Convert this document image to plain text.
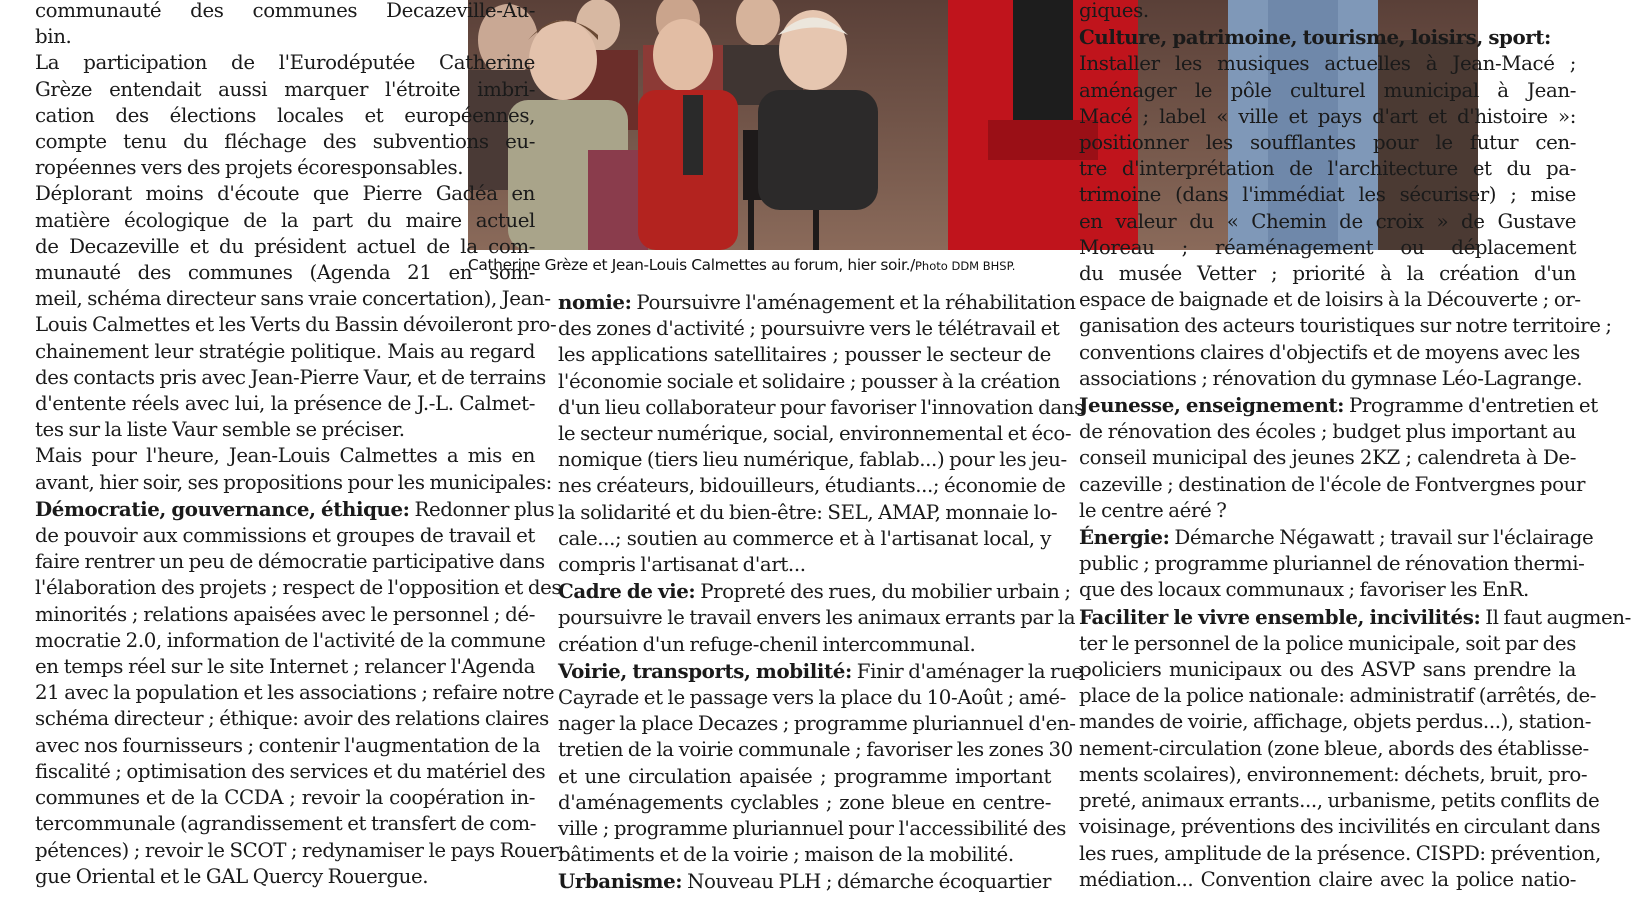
Catherine Grèze et Jean-Louis Calmettes au forum, hier soir./Photo DDM BHSP.

communauté des communes Decazeville-Au-

bin.

La participation de l'Eurodéputée Catherine

Grèze entendait aussi marquer l'étroite imbri-

cation des élections locales et européennes,

compte tenu du fléchage des subventions eu-

ropéennes vers des projets écoresponsables.

Déplorant moins d'écoute que Pierre Gadéa en

matière écologique de la part du maire actuel

de Decazeville et du président actuel de la com-

munauté des communes (Agenda 21 en som-

meil, schéma directeur sans vraie concertation), Jean-

Louis Calmettes et les Verts du Bassin dévoileront pro-

chainement leur stratégie politique. Mais au regard

des contacts pris avec Jean-Pierre Vaur, et de terrains

d'entente réels avec lui, la présence de J.-L. Calmet-

tes sur la liste Vaur semble se préciser.

Mais pour l'heure, Jean-Louis Calmettes a mis en

avant, hier soir, ses propositions pour les municipales:

Démocratie, gouvernance, éthique: Redonner plus

de pouvoir aux commissions et groupes de travail et

faire rentrer un peu de démocratie participative dans

l'élaboration des projets ; respect de l'opposition et des

minorités ; relations apaisées avec le personnel ; dé-

mocratie 2.0, information de l'activité de la commune

en temps réel sur le site Internet ; relancer l'Agenda

21 avec la population et les associations ; refaire notre

schéma directeur ; éthique: avoir des relations claires

avec nos fournisseurs ; contenir l'augmentation de la

fiscalité ; optimisation des services et du matériel des

communes et de la CCDA ; revoir la coopération in-

tercommunale (agrandissement et transfert de com-

pétences) ; revoir le SCOT ; redynamiser le pays Rouer-

gue Oriental et le GAL Quercy Rouergue.

nomie: Poursuivre l'aménagement et la réhabilitation

des zones d'activité ; poursuivre vers le télétravail et

les applications satellitaires ; pousser le secteur de

l'économie sociale et solidaire ; pousser à la création

d'un lieu collaborateur pour favoriser l'innovation dans

le secteur numérique, social, environnemental et éco-

nomique (tiers lieu numérique, fablab...) pour les jeu-

nes créateurs, bidouilleurs, étudiants...; économie de

la solidarité et du bien-être: SEL, AMAP, monnaie lo-

cale...; soutien au commerce et à l'artisanat local, y

compris l'artisanat d'art...

Cadre de vie: Propreté des rues, du mobilier urbain ;

poursuivre le travail envers les animaux errants par la

création d'un refuge-chenil intercommunal.

Voirie, transports, mobilité: Finir d'aménager la rue

Cayrade et le passage vers la place du 10-Août ; amé-

nager la place Decazes ; programme pluriannuel d'en-

tretien de la voirie communale ; favoriser les zones 30

et une circulation apaisée ; programme important

d'aménagements cyclables ; zone bleue en centre-

ville ; programme pluriannuel pour l'accessibilité des

bâtiments et de la voirie ; maison de la mobilité.

Urbanisme: Nouveau PLH ; démarche écoquartier

giques.

Culture, patrimoine, tourisme, loisirs, sport:

Installer les musiques actuelles à Jean-Macé ;

aménager le pôle culturel municipal à Jean-

Macé ; label « ville et pays d'art et d'histoire »:

positionner les soufflantes pour le futur cen-

tre d'interprétation de l'architecture et du pa-

trimoine (dans l'immédiat les sécuriser) ; mise

en valeur du « Chemin de croix » de Gustave

Moreau ; réaménagement ou déplacement

du musée Vetter ; priorité à la création d'un

espace de baignade et de loisirs à la Découverte ; or-

ganisation des acteurs touristiques sur notre territoire ;

conventions claires d'objectifs et de moyens avec les

associations ; rénovation du gymnase Léo-Lagrange.

Jeunesse, enseignement: Programme d'entretien et

de rénovation des écoles ; budget plus important au

conseil municipal des jeunes 2KZ ; calendreta à De-

cazeville ; destination de l'école de Fontvergnes pour

le centre aéré ?

Énergie: Démarche Négawatt ; travail sur l'éclairage

public ; programme pluriannel de rénovation thermi-

que des locaux communaux ; favoriser les EnR.

Faciliter le vivre ensemble, incivilités: Il faut augmen-

ter le personnel de la police municipale, soit par des

policiers municipaux ou des ASVP sans prendre la

place de la police nationale: administratif (arrêtés, de-

mandes de voirie, affichage, objets perdus...), station-

nement-circulation (zone bleue, abords des établisse-

ments scolaires), environnement: déchets, bruit, pro-

preté, animaux errants..., urbanisme, petits conflits de

voisinage, préventions des incivilités en circulant dans

les rues, amplitude de la présence. CISPD: prévention,

médiation... Convention claire avec la police natio-
